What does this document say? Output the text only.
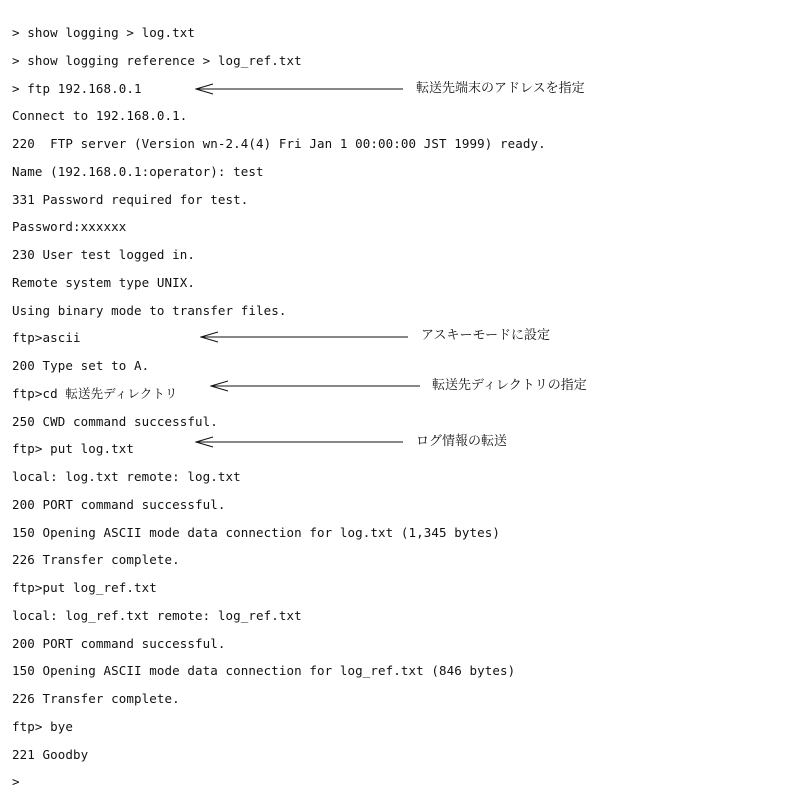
> show logging > log.txt
> show logging reference > log_ref.txt
> ftp 192.168.0.1
Connect to 192.168.0.1.
220  FTP server (Version wn-2.4(4) Fri Jan 1 00:00:00 JST 1999) ready.
Name (192.168.0.1:operator): test
331 Password required for test.
Password:xxxxxx
230 User test logged in.
Remote system type UNIX.
Using binary mode to transfer files.
ftp>ascii
200 Type set to A.
ftp>cd 転送先ディレクトリ
250 CWD command successful.
ftp> put log.txt
local: log.txt remote: log.txt
200 PORT command successful.
150 Opening ASCII mode data connection for log.txt (1,345 bytes)
226 Transfer complete.
ftp>put log_ref.txt
local: log_ref.txt remote: log_ref.txt
200 PORT command successful.
150 Opening ASCII mode data connection for log_ref.txt (846 bytes)
226 Transfer complete.
ftp> bye
221 Goodby
>
転送先端末のアドレスを指定
アスキーモードに設定
転送先ディレクトリの指定
ログ情報の転送
